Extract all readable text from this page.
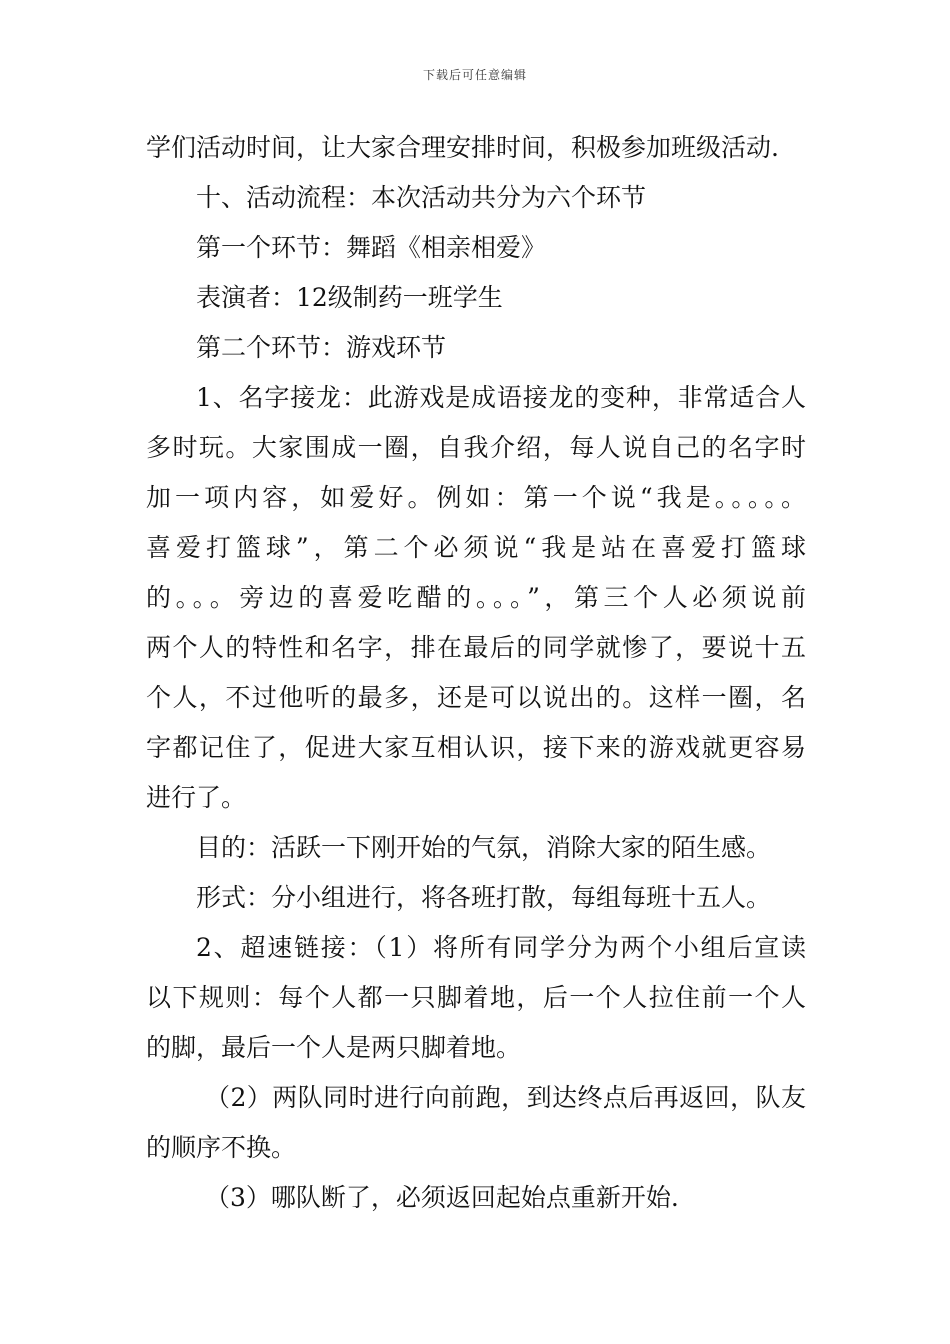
下载后可任意编辑
学们活动时间，让大家合理安排时间，积极参加班级活动.
十、活动流程：本次活动共分为六个环节
第一个环节：舞蹈《相亲相爱》
表演者：12级制药一班学生
第二个环节：游戏环节
1、名字接龙：此游戏是成语接龙的变种，非常适合人
多时玩。大家围成一圈，自我介绍，每人说自己的名字时
加一项内容，如爱好。例如：第一个说“我是。。。。。
喜爱打篮球”，第二个必须说“我是站在喜爱打篮球
的。。。旁边的喜爱吃醋的。。。”，第三个人必须说前
两个人的特性和名字，排在最后的同学就惨了，要说十五
个人，不过他听的最多，还是可以说出的。这样一圈，名
字都记住了，促进大家互相认识，接下来的游戏就更容易
进行了。
目的：活跃一下刚开始的气氛，消除大家的陌生感。
形式：分小组进行，将各班打散，每组每班十五人。
2、超速链接：（1）将所有同学分为两个小组后宣读
以下规则：每个人都一只脚着地，后一个人拉住前一个人
的脚，最后一个人是两只脚着地。
（2）两队同时进行向前跑，到达终点后再返回，队友
的顺序不换。
（3）哪队断了，必须返回起始点重新开始.
